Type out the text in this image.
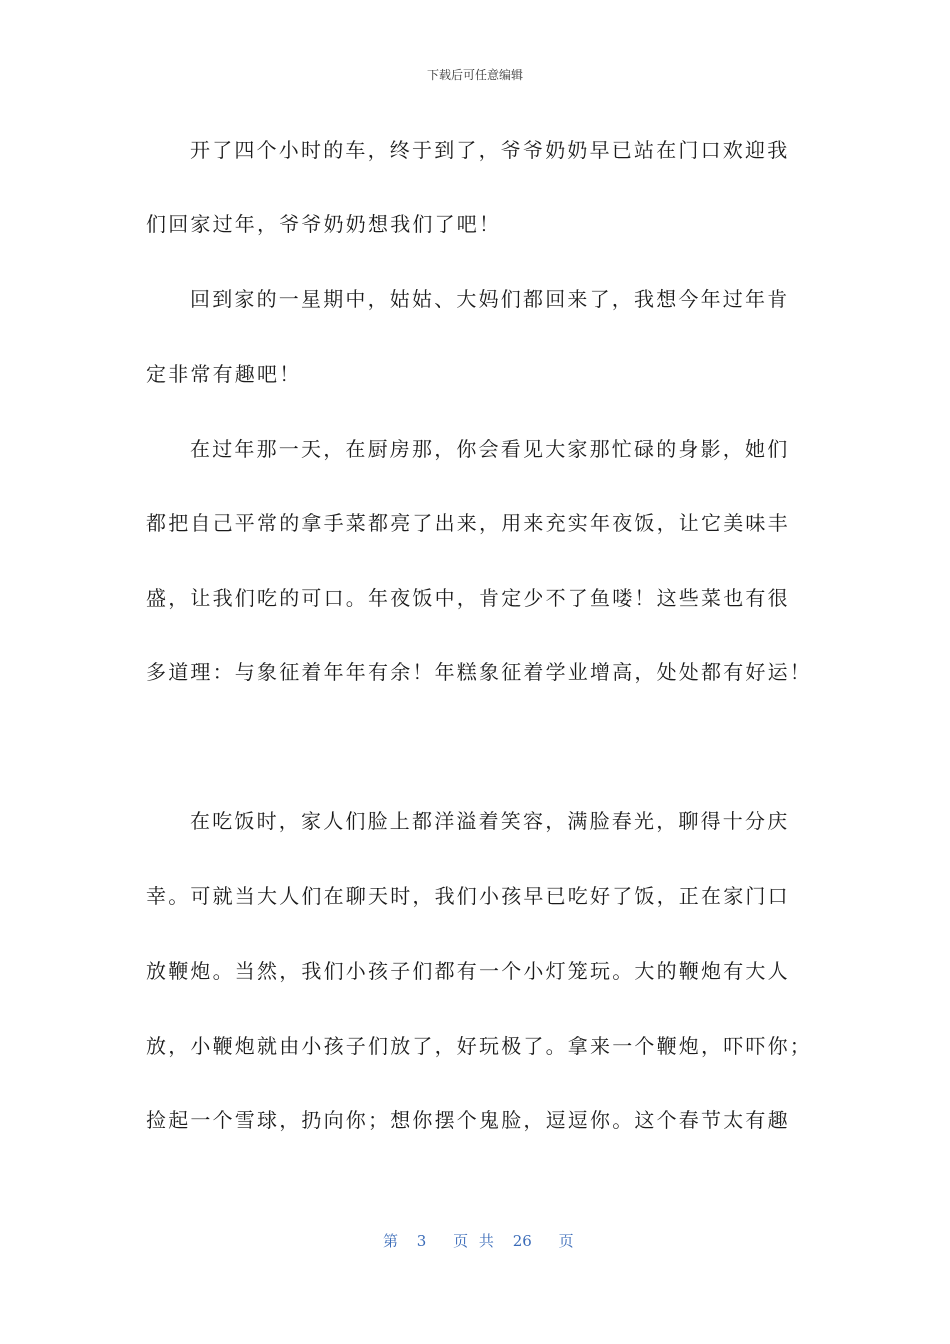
下载后可任意编辑
开了四个小时的车，终于到了，爷爷奶奶早已站在门口欢迎我
们回家过年，爷爷奶奶想我们了吧！
回到家的一星期中，姑姑、大妈们都回来了，我想今年过年肯
定非常有趣吧！
在过年那一天，在厨房那，你会看见大家那忙碌的身影，她们
都把自己平常的拿手菜都亮了出来，用来充实年夜饭，让它美味丰
盛，让我们吃的可口。年夜饭中，肯定少不了鱼喽！这些菜也有很
多道理：与象征着年年有余！年糕象征着学业增高，处处都有好运！
在吃饭时，家人们脸上都洋溢着笑容，满脸春光，聊得十分庆
幸。可就当大人们在聊天时，我们小孩早已吃好了饭，正在家门口
放鞭炮。当然，我们小孩子们都有一个小灯笼玩。大的鞭炮有大人
放，小鞭炮就由小孩子们放了，好玩极了。拿来一个鞭炮，吓吓你；
捡起一个雪球，扔向你；想你摆个鬼脸，逗逗你。这个春节太有趣
第 3 页 共 26 页
